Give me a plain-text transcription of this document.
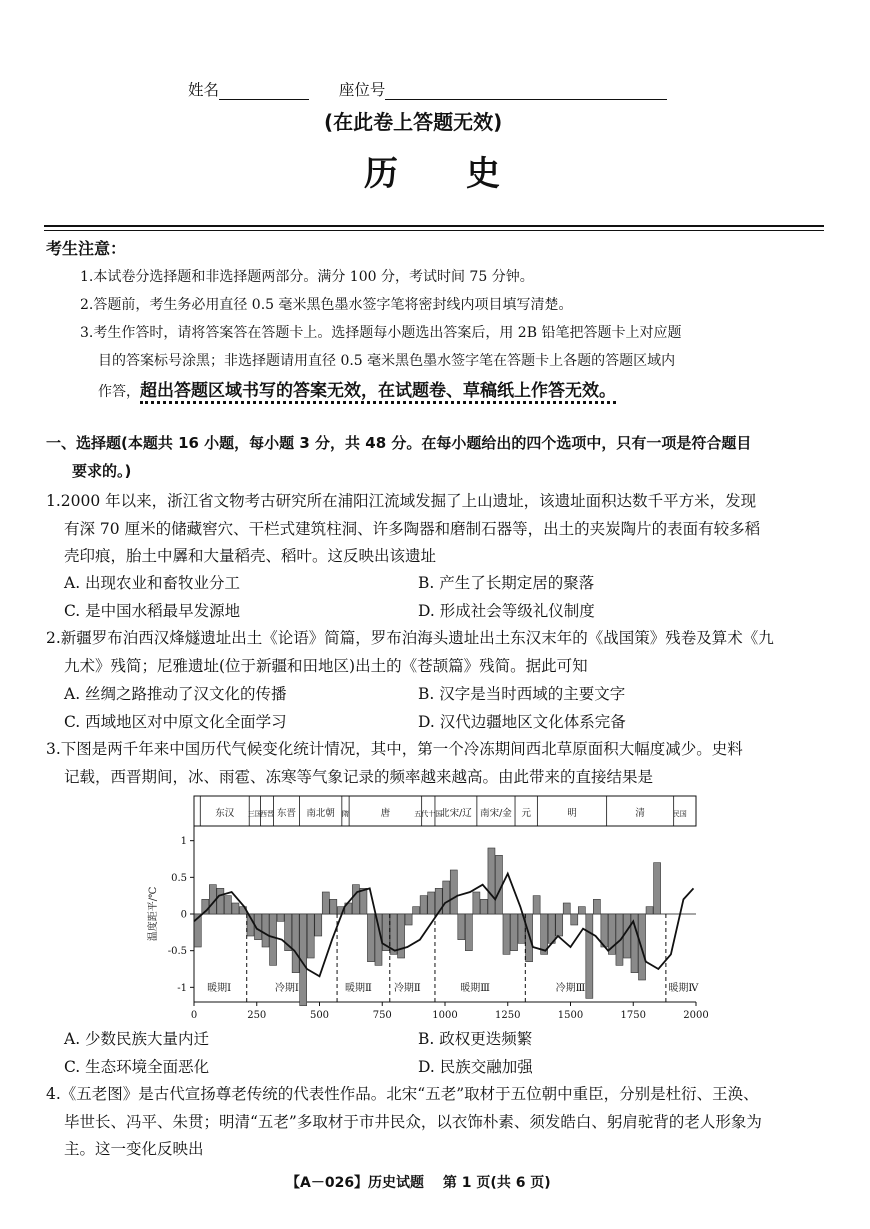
姓名	座位号
(在此卷上答题无效)
历　　史
考生注意：
1.本试卷分选择题和非选择题两部分。满分 100 分，考试时间 75 分钟。
2.答题前，考生务必用直径 0.5 毫米黑色墨水签字笔将密封线内项目填写清楚。
3.考生作答时，请将答案答在答题卡上。选择题每小题选出答案后，用 2B 铅笔把答题卡上对应题
目的答案标号涂黑；非选择题请用直径 0.5 毫米黑色墨水签字笔在答题卡上各题的答题区域内
作答，超出答题区域书写的答案无效，在试题卷、草稿纸上作答无效。
一、选择题(本题共 16 小题，每小题 3 分，共 48 分。在每小题给出的四个选项中，只有一项是符合题目
要求的。)
1.2000 年以来，浙江省文物考古研究所在浦阳江流域发掘了上山遗址，该遗址面积达数千平方米，发现
有深 70 厘米的储藏窖穴、干栏式建筑柱洞、许多陶器和磨制石器等，出土的夹炭陶片的表面有较多稻
壳印痕，胎土中羼和大量稻壳、稻叶。这反映出该遗址
A. 出现农业和畜牧业分工	B. 产生了长期定居的聚落
C. 是中国水稻最早发源地	D. 形成社会等级礼仪制度
2.新疆罗布泊西汉烽燧遗址出土《论语》简篇，罗布泊海头遗址出土东汉末年的《战国策》残卷及算术《九
九术》残简；尼雅遗址(位于新疆和田地区)出土的《苍颉篇》残简。据此可知
A. 丝绸之路推动了汉文化的传播	B. 汉字是当时西域的主要文字
C. 西域地区对中原文化全面学习	D. 汉代边疆地区文化体系完备
3.下图是两千年来中国历代气候变化统计情况，其中，第一个冷冻期间西北草原面积大幅度减少。史料
记载，西晋期间，冰、雨雹、冻寒等气象记录的频率越来越高。由此带来的直接结果是
东汉 三国
西晋 东晋 南北朝 隋	唐	五代十国
北宋/辽 南宋/金 元	明	清	民国
1
0.5
0
-0.5
-1
温度距平/℃
0	250	500	750	1000	1250	1500	1750	2000
暖期Ⅰ	冷期Ⅰ	暖期Ⅱ 冷期Ⅱ	暖期Ⅲ	冷期Ⅲ	暖期Ⅳ
A. 少数民族大量内迁	B. 政权更迭频繁
C. 生态环境全面恶化	D. 民族交融加强
4.《五老图》是古代宣扬尊老传统的代表性作品。北宋“五老”取材于五位朝中重臣，分别是杜衍、王涣、
毕世长、冯平、朱贯；明清“五老”多取材于市井民众，以衣饰朴素、须发皓白、躬肩驼背的老人形象为
主。这一变化反映出
【A－026】历史试题　 第 1 页(共 6 页)
